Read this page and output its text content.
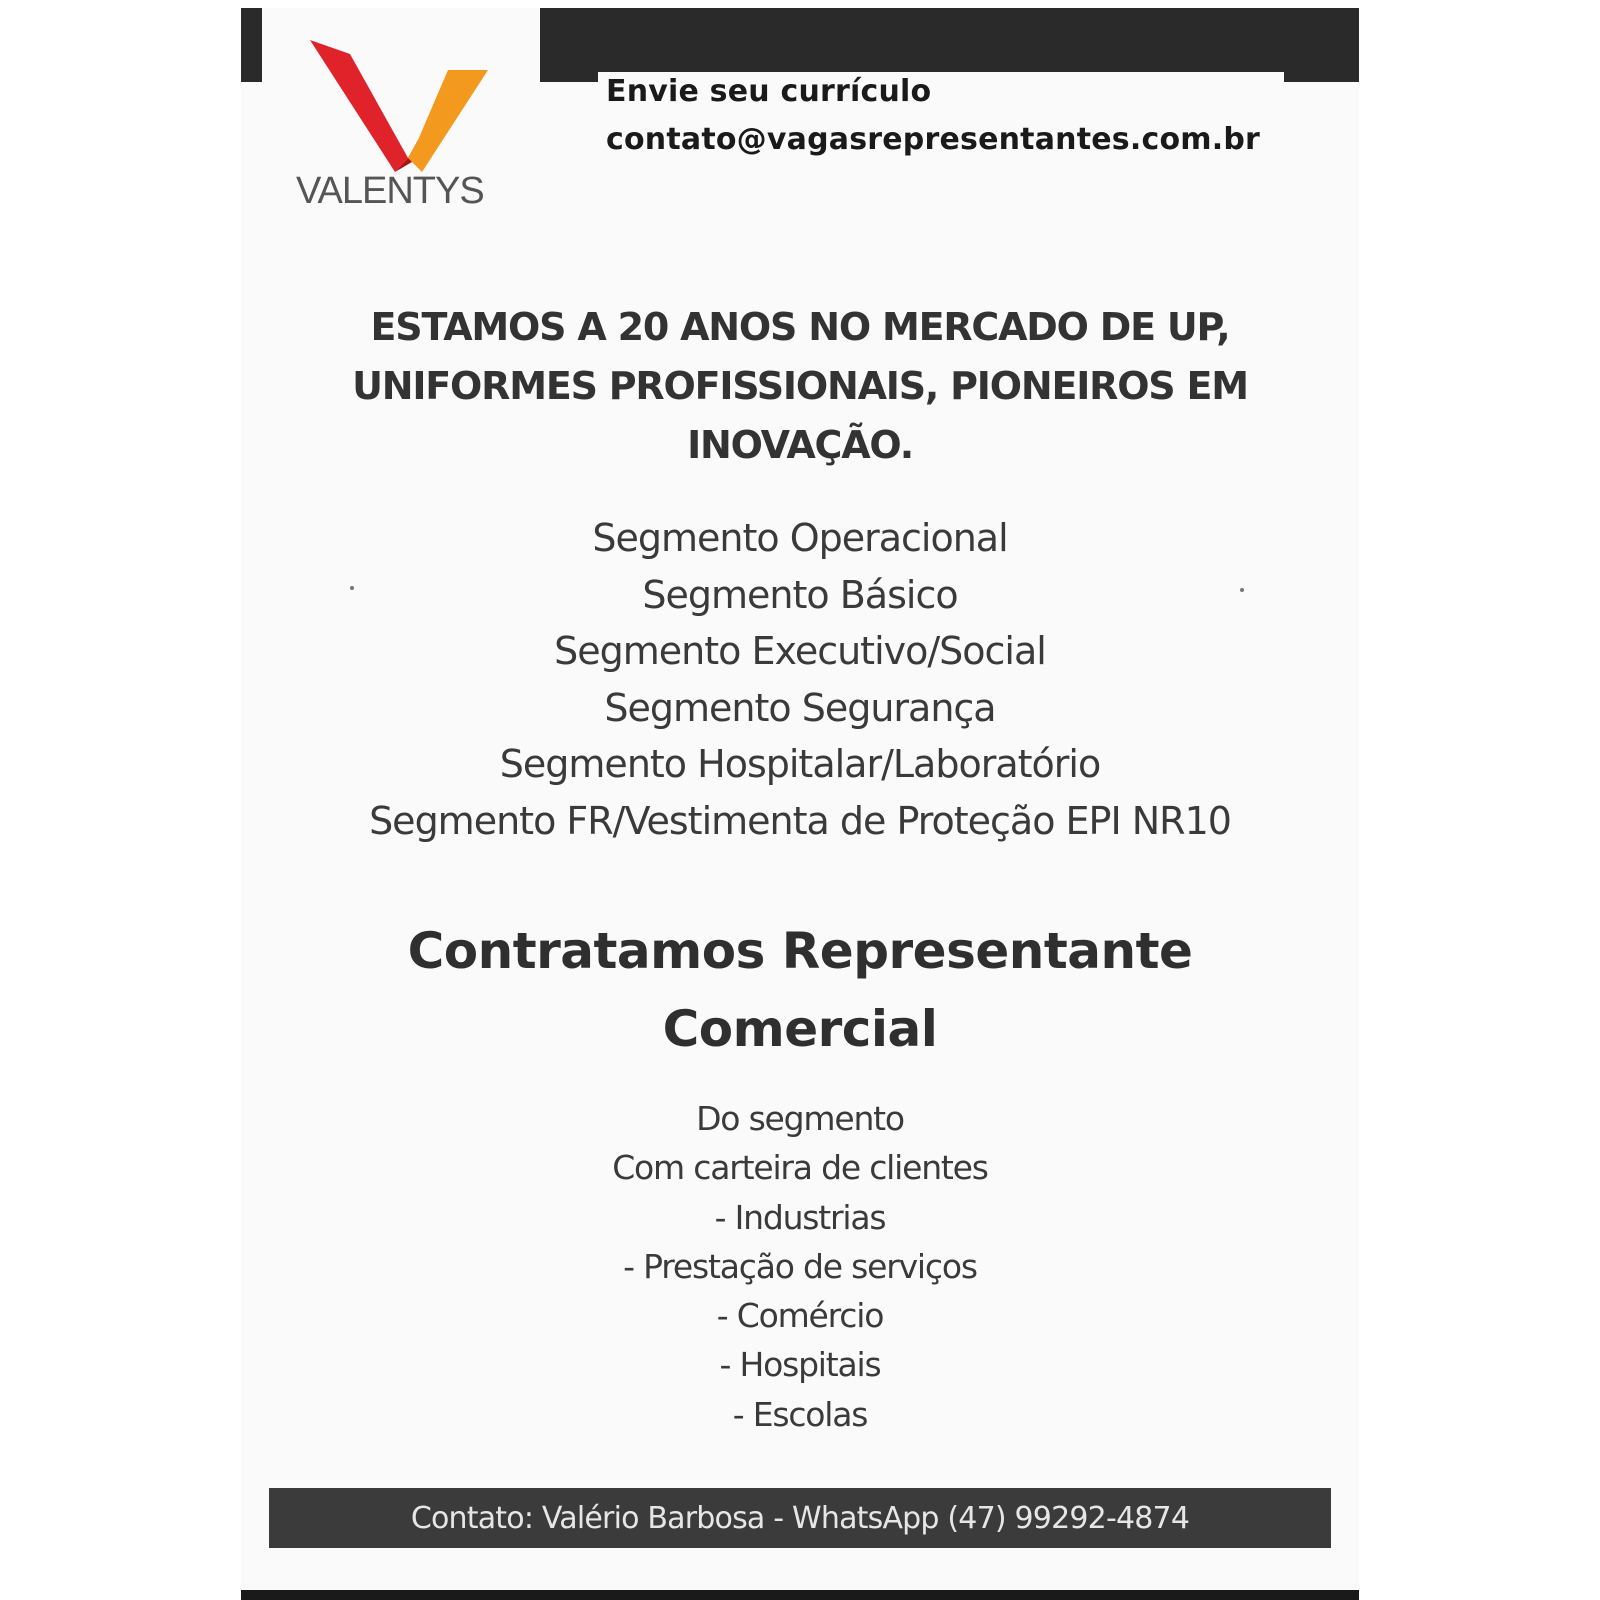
Envie seu currículo
contato@vagasrepresentantes.com.br
VALENTYS
ESTAMOS A 20 ANOS NO MERCADO DE UP,
UNIFORMES PROFISSIONAIS, PIONEIROS EM
INOVAÇÃO.
Segmento Operacional
Segmento Básico
Segmento Executivo/Social
Segmento Segurança
Segmento Hospitalar/Laboratório
Segmento FR/Vestimenta de Proteção EPI NR10
Contratamos Representante
Comercial
Do segmento
Com carteira de clientes
- Industrias
- Prestação de serviços
- Comércio
- Hospitais
- Escolas
Contato: Valério Barbosa - WhatsApp (47) 99292-4874
